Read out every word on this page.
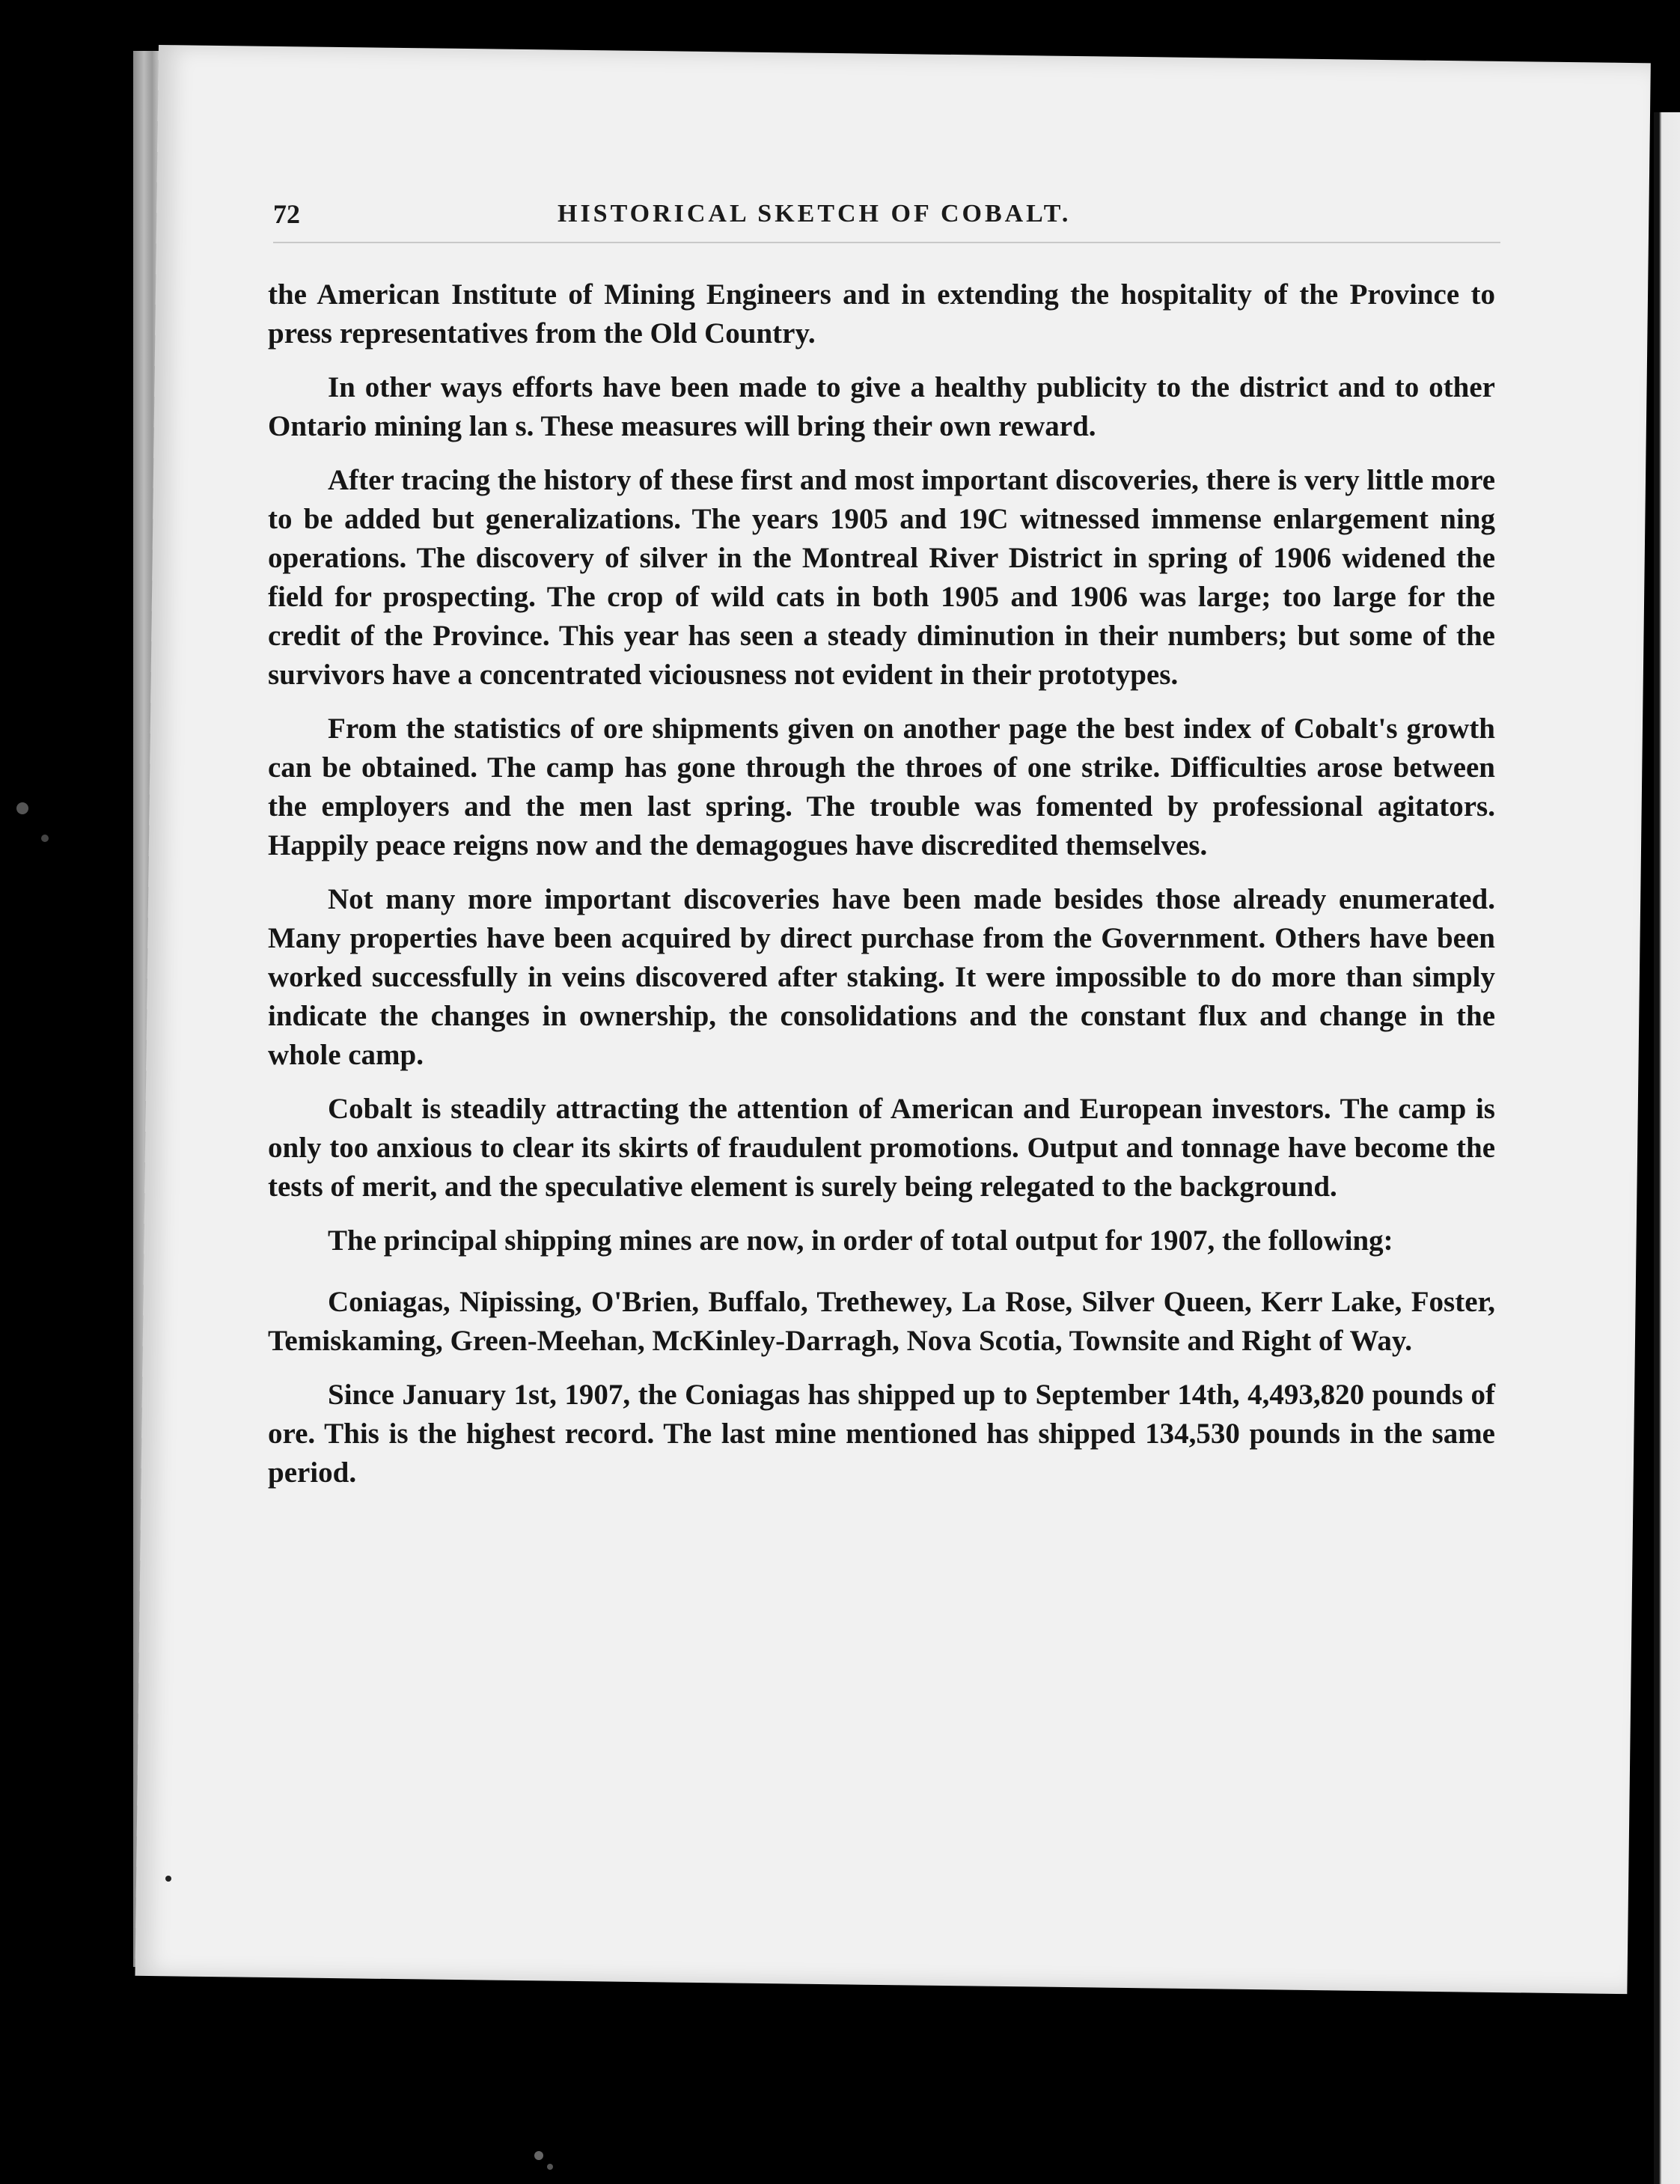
72	HISTORICAL SKETCH OF COBALT.

the American Institute of Mining Engineers and in extending the hospitality of the Province to press representatives from the Old Country.

In other ways efforts have been made to give a healthy publicity to the district and to other Ontario mining lan s. These measures will bring their own reward.

After tracing the history of these first and most important discoveries, there is very little more to be added but generalizations. The years 1905 and 19C witnessed immense enlargement ning operations. The discovery of silver in the Montreal River District in spring of 1906 widened the field for prospecting. The crop of wild cats in both 1905 and 1906 was large; too large for the credit of the Province. This year has seen a steady diminution in their numbers; but some of the survivors have a concentrated viciousness not evident in their prototypes.

From the statistics of ore shipments given on another page the best index of Cobalt's growth can be obtained. The camp has gone through the throes of one strike. Difficulties arose between the employers and the men last spring. The trouble was fomented by professional agitators. Happily peace reigns now and the demagogues have discredited themselves.

Not many more important discoveries have been made besides those already enumerated. Many properties have been acquired by direct purchase from the Government. Others have been worked successfully in veins discovered after staking. It were impossible to do more than simply indicate the changes in ownership, the consolidations and the constant flux and change in the whole camp.

Cobalt is steadily attracting the attention of American and European investors. The camp is only too anxious to clear its skirts of fraudulent promotions. Output and tonnage have become the tests of merit, and the speculative element is surely being relegated to the background.

The principal shipping mines are now, in order of total output for 1907, the following:

Coniagas, Nipissing, O'Brien, Buffalo, Trethewey, La Rose, Silver Queen, Kerr Lake, Foster, Temiskaming, Green-Meehan, McKinley-Darragh, Nova Scotia, Townsite and Right of Way.

Since January 1st, 1907, the Coniagas has shipped up to September 14th, 4,493,820 pounds of ore. This is the highest record. The last mine mentioned has shipped 134,530 pounds in the same period.
